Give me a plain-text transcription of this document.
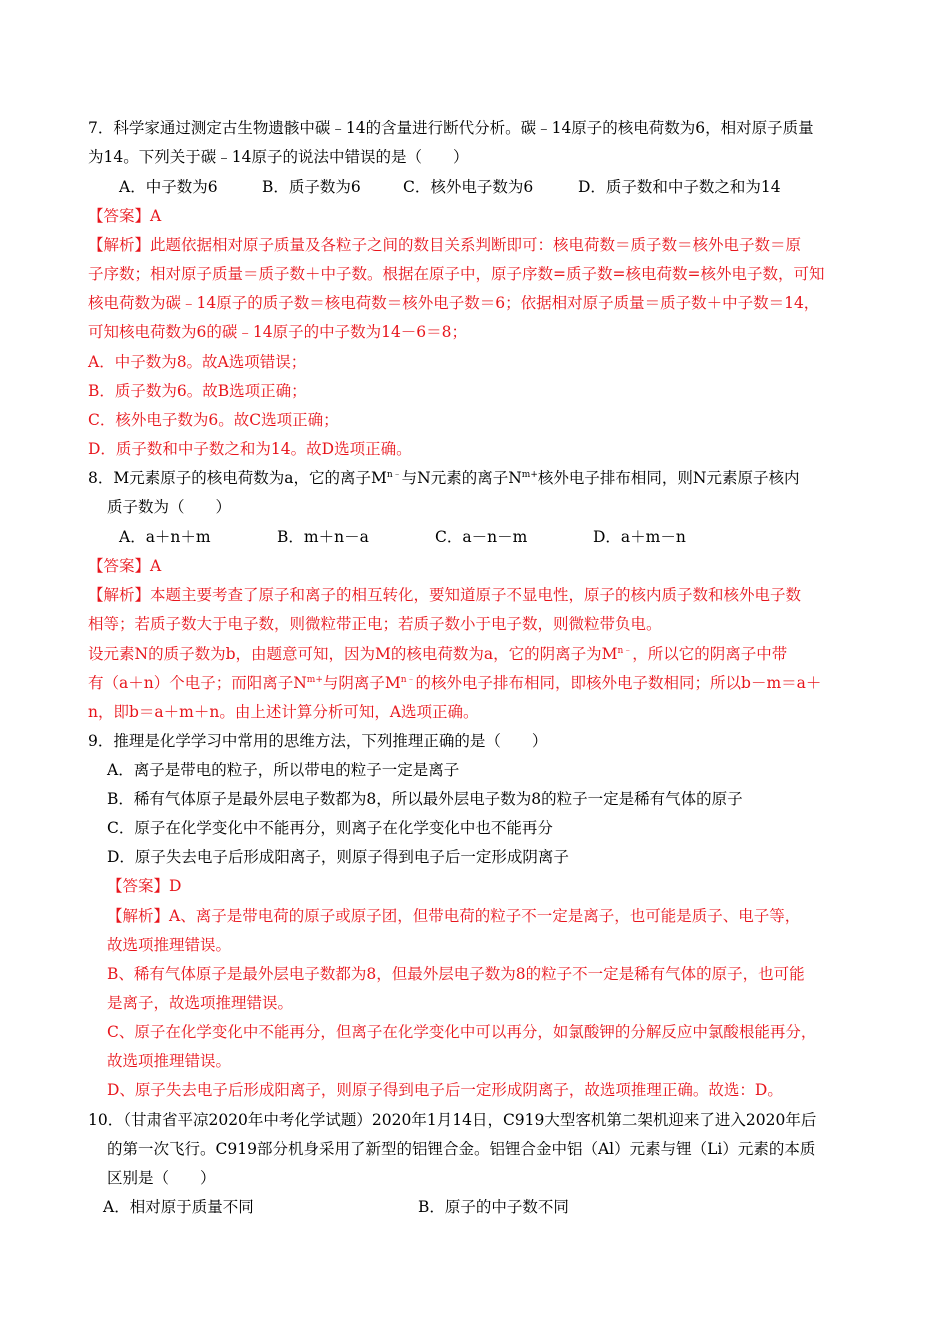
7．科学家通过测定古生物遗骸中碳﹣14的含量进行断代分析。碳﹣14原子的核电荷数为6，相对原子质量
为14。下列关于碳﹣14原子的说法中错误的是（　　）
A．中子数为6	B．质子数为6	C．核外电子数为6	D．质子数和中子数之和为14
【答案】A
【解析】此题依据相对原子质量及各粒子之间的数目关系判断即可：核电荷数＝质子数＝核外电子数＝原
子序数；相对原子质量＝质子数＋中子数。根据在原子中，原子序数=质子数=核电荷数=核外电子数，可知
核电荷数为碳﹣14原子的质子数＝核电荷数＝核外电子数＝6；依据相对原子质量＝质子数＋中子数＝14，
可知核电荷数为6的碳﹣14原子的中子数为14－6＝8；
A．中子数为8。故A选项错误；
B．质子数为6。故B选项正确；
C．核外电子数为6。故C选项正确；
D．质子数和中子数之和为14。故D选项正确。
8．M元素原子的核电荷数为a，它的离子$M^{n﹣}$与N元素的离子$N^{m+}$核外电子排布相同，则N元素原子核内
质子数为（　　）
A．a＋n＋m	B．m＋n－a	C．a－n－m	D．a＋m－n
【答案】A
【解析】本题主要考查了原子和离子的相互转化，要知道原子不显电性，原子的核内质子数和核外电子数
相等；若质子数大于电子数，则微粒带正电；若质子数小于电子数，则微粒带负电。
设元素N的质子数为b，由题意可知，因为M的核电荷数为a，它的阴离子为$M^{n﹣}$，所以它的阴离子中带
有（a＋n）个电子；而阳离子$N^{m+}$与阴离子$M^{n﹣}$的核外电子排布相同，即核外电子数相同；所以b－m＝a＋
n，即b＝a＋m＋n。由上述计算分析可知，A选项正确。
9．推理是化学学习中常用的思维方法，下列推理正确的是（　　）
A．离子是带电的粒子，所以带电的粒子一定是离子
B．稀有气体原子是最外层电子数都为8，所以最外层电子数为8的粒子一定是稀有气体的原子
C．原子在化学变化中不能再分，则离子在化学变化中也不能再分
D．原子失去电子后形成阳离子，则原子得到电子后一定形成阴离子
【答案】D
【解析】A、离子是带电荷的原子或原子团，但带电荷的粒子不一定是离子，也可能是质子、电子等，
故选项推理错误。
B、稀有气体原子是最外层电子数都为8，但最外层电子数为8的粒子不一定是稀有气体的原子，也可能
是离子，故选项推理错误。
C、原子在化学变化中不能再分，但离子在化学变化中可以再分，如氯酸钾的分解反应中氯酸根能再分，
故选项推理错误。
D、原子失去电子后形成阳离子，则原子得到电子后一定形成阴离子，故选项推理正确。故选：D。
10．（甘肃省平凉2020年中考化学试题）2020年1月14日，C919大型客机第二架机迎来了进入2020年后
的第一次飞行。C919部分机身采用了新型的铝锂合金。铝锂合金中铝（Al）元素与锂（Li）元素的本质
区别是（　　）
A．相对原于质量不同	B．原子的中子数不同
